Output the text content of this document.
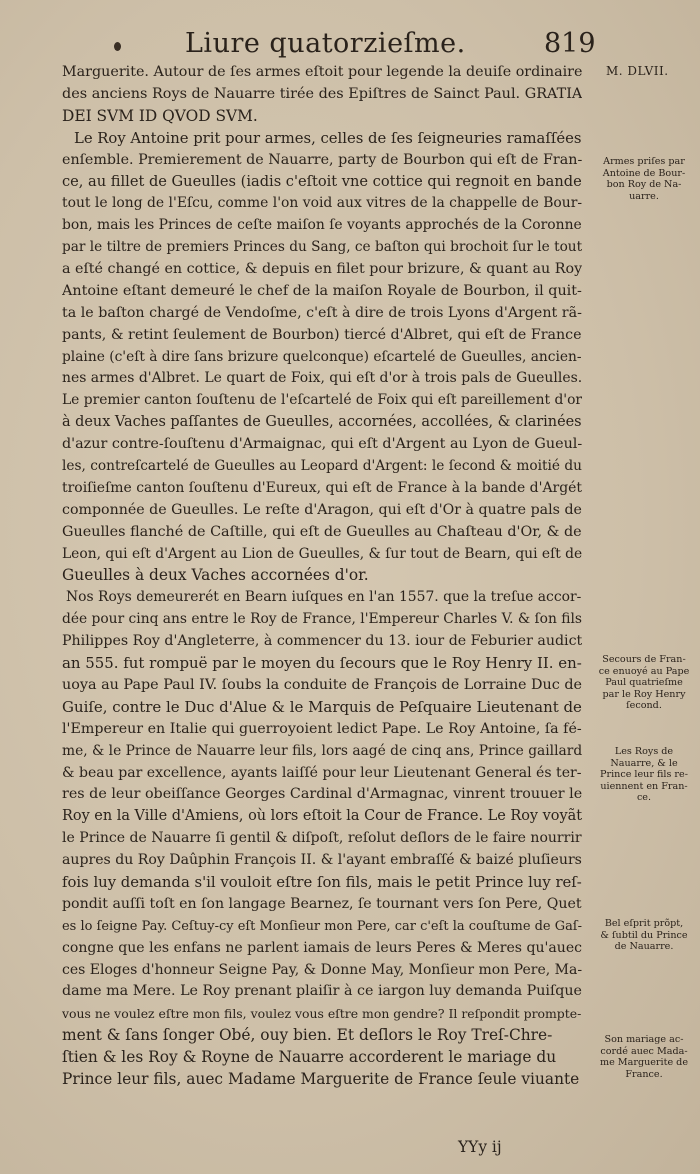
Liure quatorzieſme.	819
M. DLVII.
Marguerite. Autour de ſes armes eſtoit pour legende la deuiſe ordinaire
des anciens Roys de Nauarre tirée des Epiſtres de Sainct Paul. GRATIA
DEI SVM ID QVOD SVM.
Le Roy Antoine prit pour armes, celles de ſes ſeigneuries ramaſſées
enſemble. Premierement de Nauarre, party de Bourbon qui eſt de Fran-
ce, au fillet de Gueulles (iadis c'eſtoit vne cottice qui regnoit en bande
tout le long de l'Eſcu, comme l'on void aux vitres de la chappelle de Bour-
bon, mais les Princes de ceſte maiſon ſe voyants approchés de la Coronne
par le tiltre de premiers Princes du Sang, ce baſton qui brochoit ſur le tout
a eſté changé en cottice, & depuis en filet pour brizure, & quant au Roy
Antoine eſtant demeuré le chef de la maiſon Royale de Bourbon, il quit-
ta le baſton chargé de Vendoſme, c'eſt à dire de trois Lyons d'Argent rã-
pants, & retint ſeulement de Bourbon) tiercé d'Albret, qui eſt de France
plaine (c'eſt à dire ſans brizure quelconque) eſcartelé de Gueulles, ancien-
nes armes d'Albret. Le quart de Foix, qui eſt d'or à trois pals de Gueulles.
Le premier canton ſouſtenu de l'eſcartelé de Foix qui eſt pareillement d'or
à deux Vaches paſſantes de Gueulles, accornées, accollées, & clarinées
d'azur contre-ſouſtenu d'Armaignac, qui eſt d'Argent au Lyon de Gueul-
les, contreſcartelé de Gueulles au Leopard d'Argent: le ſecond & moitié du
troiſieſme canton ſouſtenu d'Eureux, qui eſt de France à la bande d'Argét
componnée de Gueulles. Le reſte d'Aragon, qui eſt d'Or à quatre pals de
Gueulles flanché de Caſtille, qui eſt de Gueulles au Chaſteau d'Or, & de
Leon, qui eſt d'Argent au Lion de Gueulles, & ſur tout de Bearn, qui eſt de
Gueulles à deux Vaches accornées d'or.
Nos Roys demeurerét en Bearn iuſques en l'an 1557. que la treſue accor-
dée pour cinq ans entre le Roy de France, l'Empereur Charles V. & ſon fils
Philippes Roy d'Angleterre, à commencer du 13. iour de Feburier audict
an 555. fut rompuë par le moyen du ſecours que le Roy Henry II. en-
uoya au Pape Paul IV. ſoubs la conduite de François de Lorraine Duc de
Guiſe, contre le Duc d'Alue & le Marquis de Peſquaire Lieutenant de
l'Empereur en Italie qui guerroyoient ledict Pape. Le Roy Antoine, ſa fé-
me, & le Prince de Nauarre leur fils, lors aagé de cinq ans, Prince gaillard
& beau par excellence, ayants laiſſé pour leur Lieutenant General és ter-
res de leur obeiſſance Georges Cardinal d'Armagnac, vinrent trouuer le
Roy en la Ville d'Amiens, où lors eſtoit la Cour de France. Le Roy voyãt
le Prince de Nauarre ſi gentil & diſpoſt, reſolut deſlors de le faire nourrir
aupres du Roy Daûphin François II. & l'ayant embraſſé & baizé pluſieurs
fois luy demanda s'il vouloit eſtre ſon fils, mais le petit Prince luy reſ-
pondit auſſi toſt en ſon langage Bearnez, ſe tournant vers ſon Pere, Quet
es lo ſeigne Pay. Ceſtuy-cy eſt Monſieur mon Pere, car c'eſt la couſtume de Gaſ-
congne que les enfans ne parlent iamais de leurs Peres & Meres qu'auec
ces Eloges d'honneur Seigne Pay, & Donne May, Monſieur mon Pere, Ma-
dame ma Mere. Le Roy prenant plaiſir à ce iargon luy demanda Puiſque
vous ne voulez eſtre mon fils, voulez vous eſtre mon gendre? Il reſpondit prompte-
ment & ſans ſonger Obé, ouy bien. Et deſlors le Roy Treſ-Chre-
ſtien & les Roy & Royne de Nauarre accorderent le mariage du
Prince leur fils, auec Madame Marguerite de France ſeule viuante
YYy ij
Armes priſes par
Antoine de Bour-
bon Roy de Na-
uarre.
Secours de Fran-
ce enuoyé au Pape
Paul quatrieſme
par le Roy Henry
ſecond.
Les Roys de
Nauarre, & le
Prince leur fils re-
uiennent en Fran-
ce.
Bel eſprit prõpt,
& ſubtil du Prince
de Nauarre.
Son mariage ac-
cordé auec Mada-
me Marguerite de
France.
